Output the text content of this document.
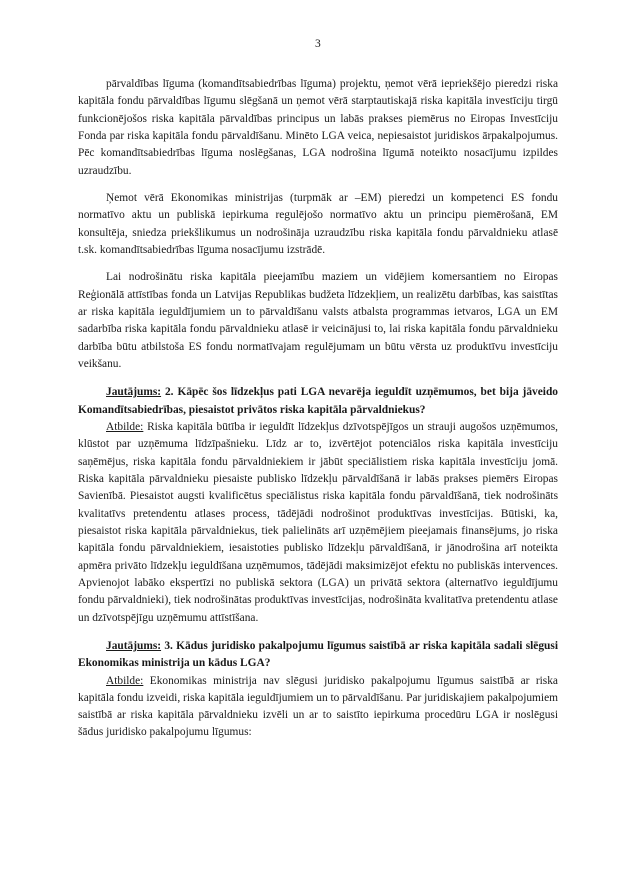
3

pārvaldības līguma (komandītsabiedrības līguma) projektu, ņemot vērā iepriekšējo pieredzi riska kapitāla fondu pārvaldības līgumu slēgšanā un ņemot vērā starptautiskajā riska kapitāla investīciju tirgū funkcionējošos riska kapitāla pārvaldības principus un labās prakses piemērus no Eiropas Investīciju Fonda par riska kapitāla fondu pārvaldīšanu. Minēto LGA veica, nepiesaistot juridiskos ārpakalpojumus. Pēc komandītsabiedrības līguma noslēgšanas, LGA nodrošina līgumā noteikto nosacījumu izpildes uzraudzību.

Ņemot vērā Ekonomikas ministrijas (turpmāk ar –EM) pieredzi un kompetenci ES fondu normatīvo aktu un publiskā iepirkuma regulējošo normatīvo aktu un principu piemērošanā, EM konsultēja, sniedza priekšlikumus un nodrošināja uzraudzību riska kapitāla fondu pārvaldnieku atlasē t.sk. komandītsabiedrības līguma nosacījumu izstrādē.

Lai nodrošinātu riska kapitāla pieejamību maziem un vidējiem komersantiem no Eiropas Reģionālā attīstības fonda un Latvijas Republikas budžeta līdzekļiem, un realizētu darbības, kas saistītas ar riska kapitāla ieguldījumiem un to pārvaldīšanu valsts atbalsta programmas ietvaros, LGA un EM sadarbība riska kapitāla fondu pārvaldnieku atlasē ir veicinājusi to, lai riska kapitāla fondu pārvaldnieku darbība būtu atbilstoša ES fondu normatīvajam regulējumam un būtu vērsta uz produktīvu investīciju veikšanu.

Jautājums: 2. Kāpēc šos līdzekļus pati LGA nevarēja ieguldīt uzņēmumos, bet bija jāveido Komandītsabiedrības, piesaistot privātos riska kapitāla pārvaldniekus?

Atbilde: Riska kapitāla būtība ir ieguldīt līdzekļus dzīvotspējīgos un strauji augošos uzņēmumos, klūstot par uzņēmuma līdzīpašnieku. Līdz ar to, izvērtējot potenciālos riska kapitāla investīciju saņēmējus, riska kapitāla fondu pārvaldniekiem ir jābūt speciālistiem riska kapitāla investīciju jomā. Riska kapitāla pārvaldnieku piesaiste publisko līdzekļu pārvaldīšanā ir labās prakses piemērs Eiropas Savienībā. Piesaistot augsti kvalificētus speciālistus riska kapitāla fondu pārvaldīšanā, tiek nodrošināts kvalitatīvs pretendentu atlases process, tādējādi nodrošinot produktīvas investīcijas. Būtiski, ka, piesaistot riska kapitāla pārvaldniekus, tiek palielināts arī uzņēmējiem pieejamais finansējums, jo riska kapitāla fondu pārvaldniekiem, iesaistoties publisko līdzekļu pārvaldīšanā, ir jānodrošina arī noteikta apmēra privāto līdzekļu ieguldīšana uzņēmumos, tādējādi maksimizējot efektu no publiskās intervences. Apvienojot labāko ekspertīzi no publiskā sektora (LGA) un privātā sektora (alternatīvo ieguldījumu fondu pārvaldnieki), tiek nodrošinātas produktīvas investīcijas, nodrošināta kvalitatīva pretendentu atlase un dzīvotspējīgu uzņēmumu attīstīšana.

Jautājums: 3. Kādus juridisko pakalpojumu līgumus saistībā ar riska kapitāla sadali slēgusi Ekonomikas ministrija un kādus LGA?

Atbilde: Ekonomikas ministrija nav slēgusi juridisko pakalpojumu līgumus saistībā ar riska kapitāla fondu izveidi, riska kapitāla ieguldījumiem un to pārvaldīšanu. Par juridiskajiem pakalpojumiem saistībā ar riska kapitāla pārvaldnieku izvēli un ar to saistīto iepirkuma procedūru LGA ir noslēgusi šādus juridisko pakalpojumu līgumus:
